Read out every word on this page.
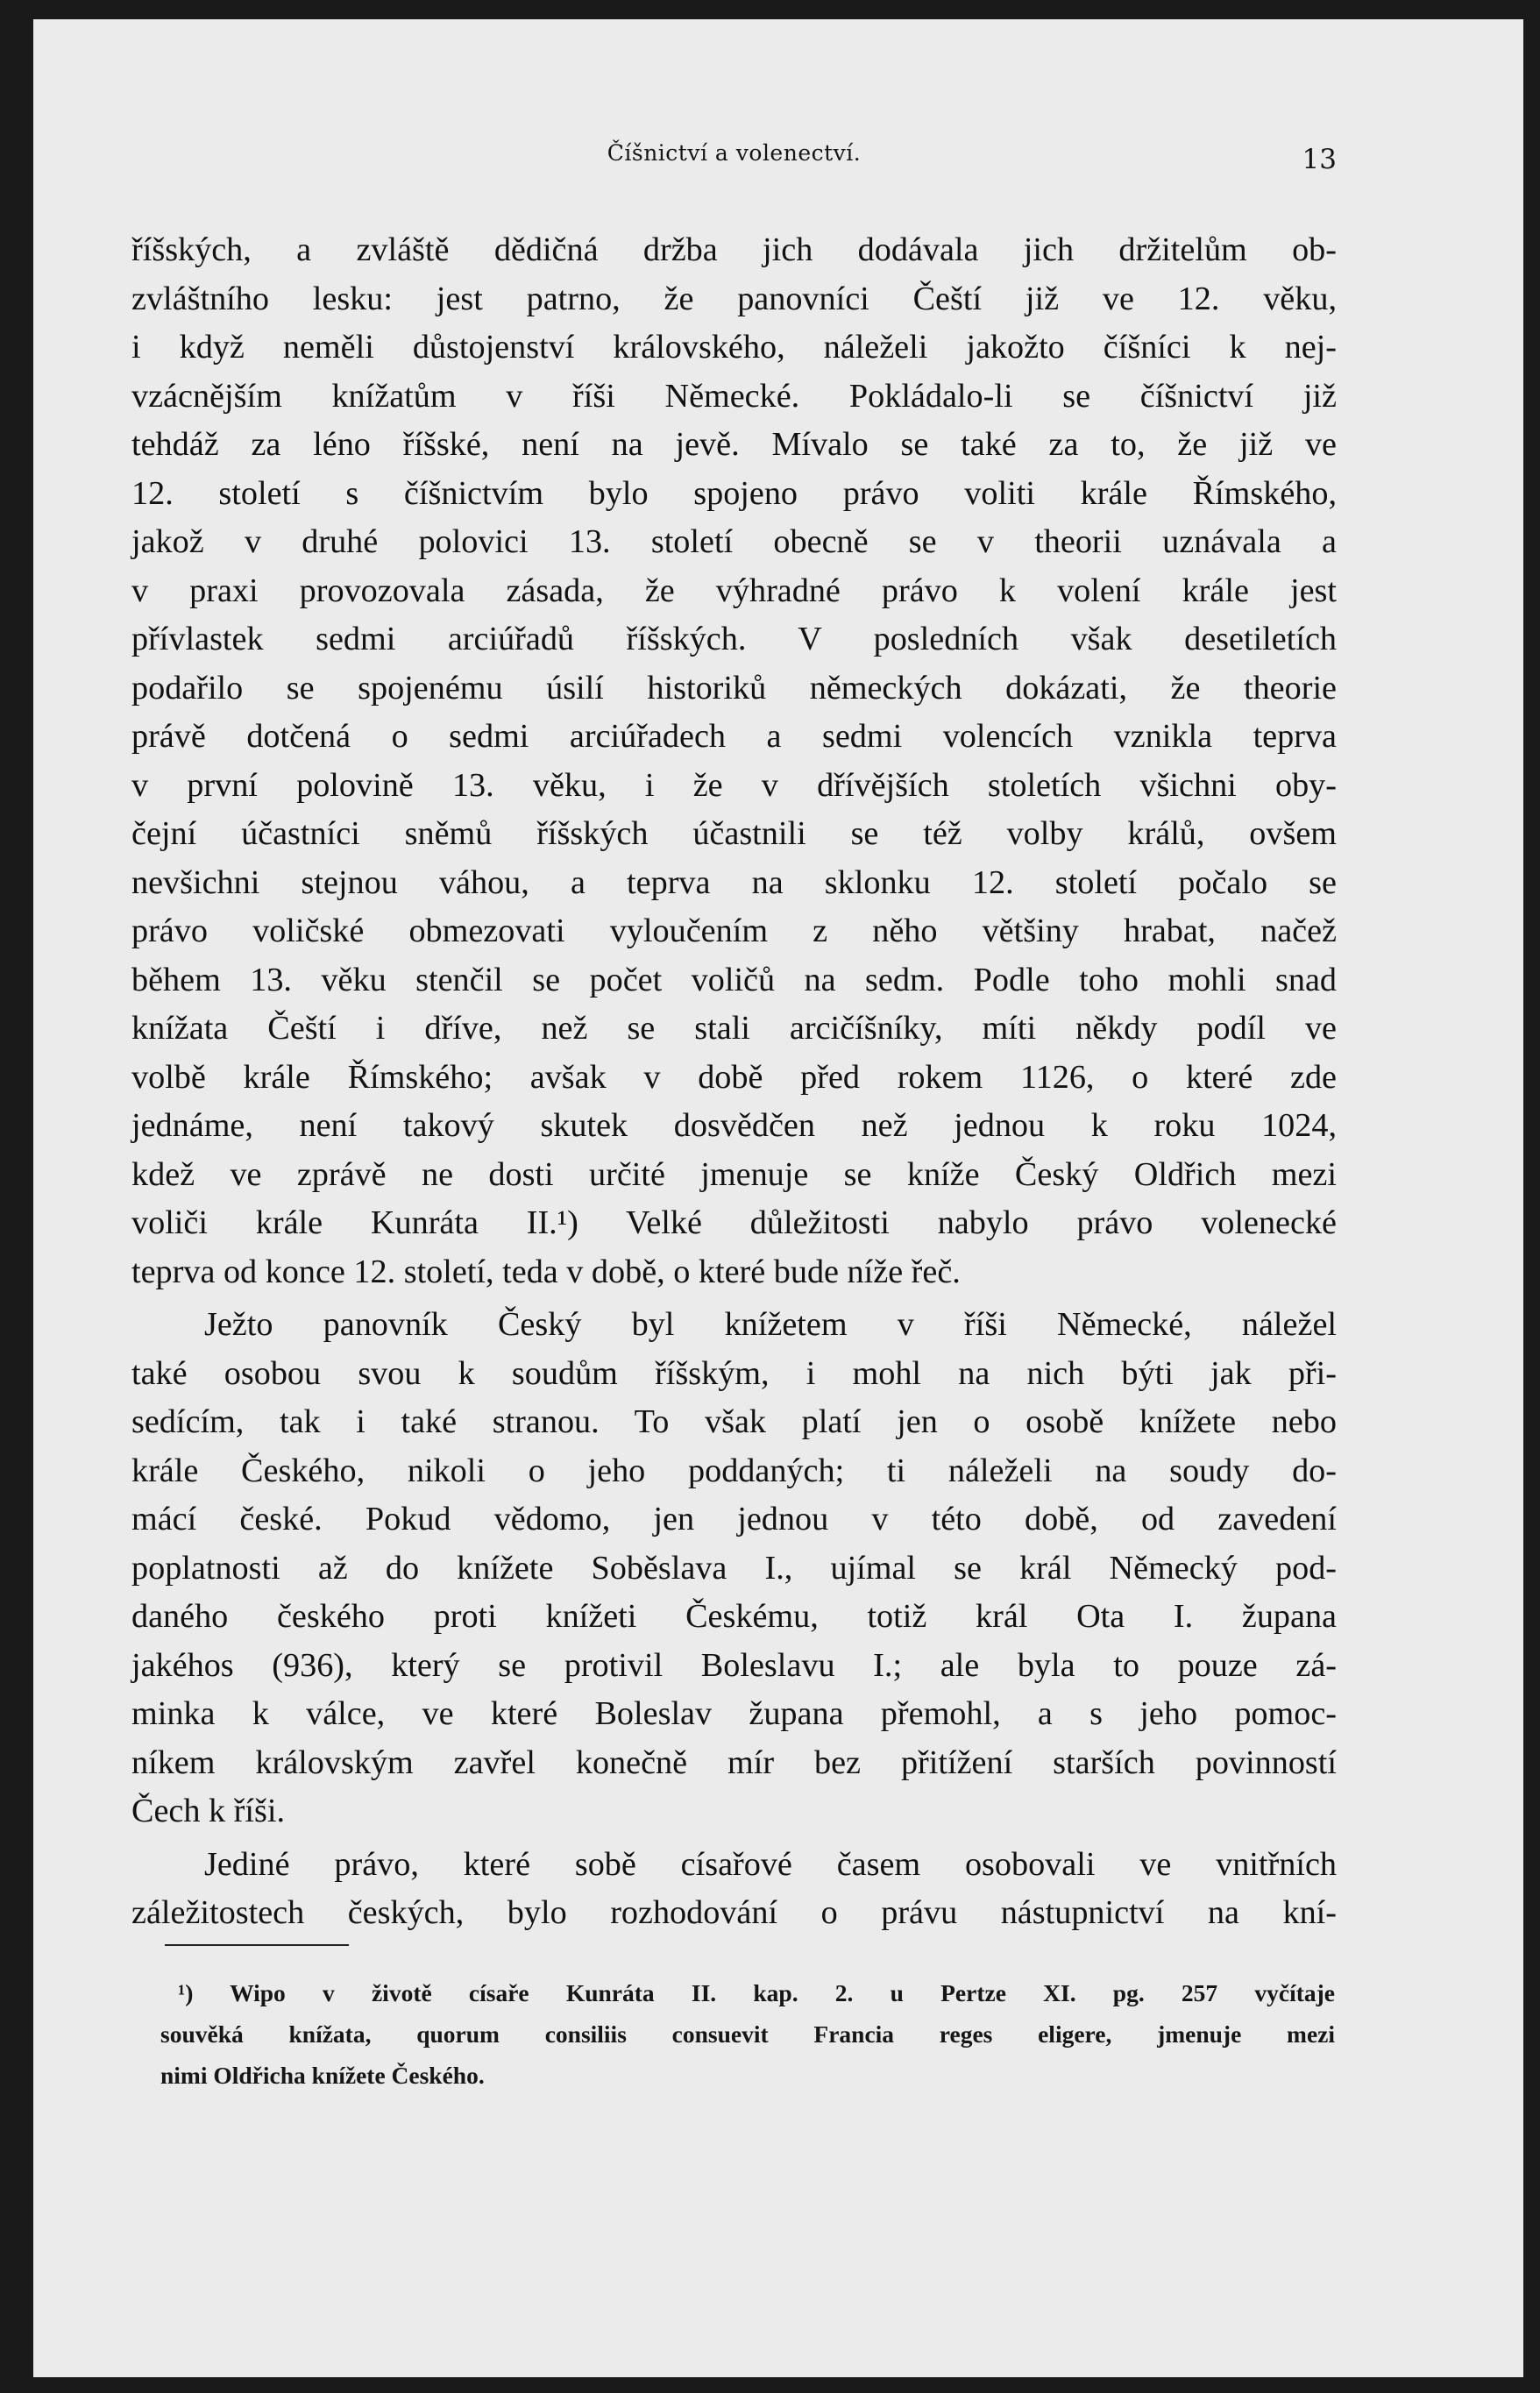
Číšnictví a volenectví.	13
říšských, a zvláště dědičná držba jich dodávala jich držitelům ob-
zvláštního lesku: jest patrno, že panovníci Čeští již ve 12. věku,
i když neměli důstojenství královského, náleželi jakožto číšníci k nej-
vzácnějším knížatům v říši Německé. Pokládalo-li se číšnictví již
tehdáž za léno říšské, není na jevě. Mívalo se také za to, že již ve
12. století s číšnictvím bylo spojeno právo voliti krále Římského,
jakož v druhé polovici 13. století obecně se v theorii uznávala a
v praxi provozovala zásada, že výhradné právo k volení krále jest
přívlastek sedmi arciúřadů říšských. V posledních však desetiletích
podařilo se spojenému úsilí historiků německých dokázati, že theorie
právě dotčená o sedmi arciúřadech a sedmi volencích vznikla teprva
v první polovině 13. věku, i že v dřívějších stoletích všichni oby-
čejní účastníci sněmů říšských účastnili se též volby králů, ovšem
nevšichni stejnou váhou, a teprva na sklonku 12. století počalo se
právo voličské obmezovati vyloučením z něho většiny hrabat, načež
během 13. věku stenčil se počet voličů na sedm. Podle toho mohli snad
knížata Čeští i dříve, než se stali arcičíšníky, míti někdy podíl ve
volbě krále Římského; avšak v době před rokem 1126, o které zde
jednáme, není takový skutek dosvědčen než jednou k roku 1024,
kdež ve zprávě ne dosti určité jmenuje se kníže Český Oldřich mezi
voliči krále Kunráta II.¹) Velké důležitosti nabylo právo volenecké
teprva od konce 12. století, teda v době, o které bude níže řeč.
Ježto panovník Český byl knížetem v říši Německé, náležel
také osobou svou k soudům říšským, i mohl na nich býti jak při-
sedícím, tak i také stranou. To však platí jen o osobě knížete nebo
krále Českého, nikoli o jeho poddaných; ti náleželi na soudy do-
mácí české. Pokud vědomo, jen jednou v této době, od zavedení
poplatnosti až do knížete Soběslava I., ujímal se král Německý pod-
daného českého proti knížeti Českému, totiž král Ota I. župana
jakéhos (936), který se protivil Boleslavu I.; ale byla to pouze zá-
minka k válce, ve které Boleslav župana přemohl, a s jeho pomoc-
níkem královským zavřel konečně mír bez přitížení starších povinností
Čech k říši.
Jediné právo, které sobě císařové časem osobovali ve vnitřních
záležitostech českých, bylo rozhodování o právu nástupnictví na kní-
¹) Wipo v životě císaře Kunráta II. kap. 2. u Pertze XI. pg. 257 vyčítaje
souvěká knížata, quorum consiliis consuevit Francia reges eligere, jmenuje mezi
nimi Oldřicha knížete Českého.
